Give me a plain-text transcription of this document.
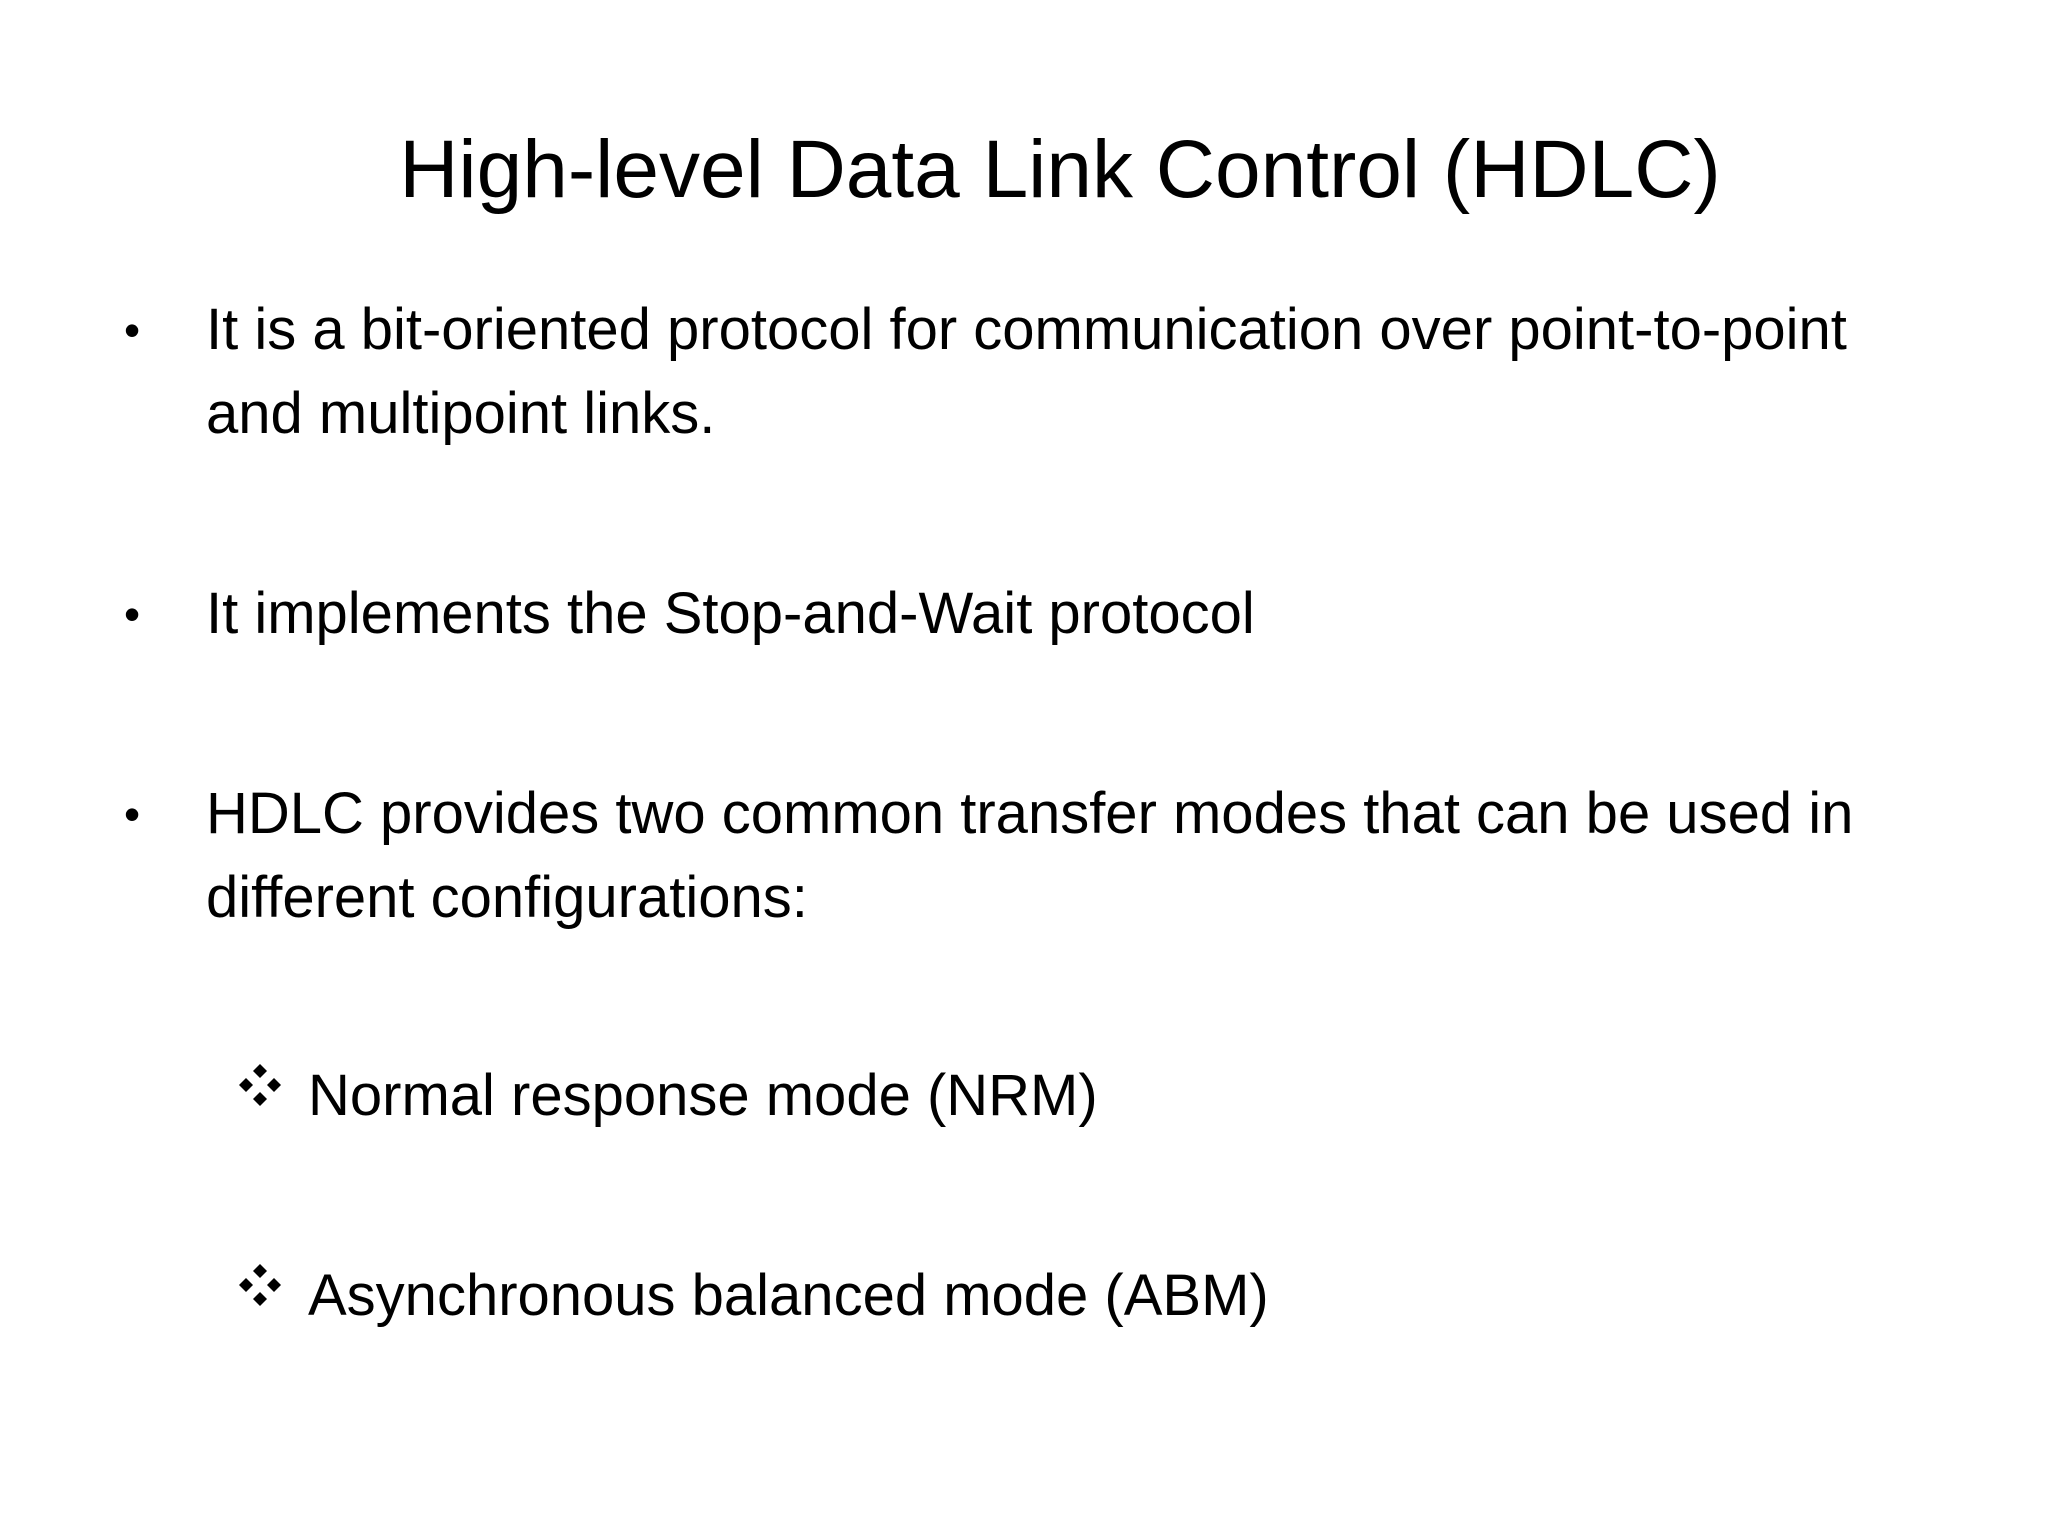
High-level Data Link Control (HDLC)
•	It is a bit-oriented protocol for communication over point-to-point and multipoint links.
•	It implements the Stop-and-Wait protocol
•	HDLC provides two common transfer modes that can be used in different configurations:
Normal response mode (NRM)
Asynchronous balanced mode (ABM)
